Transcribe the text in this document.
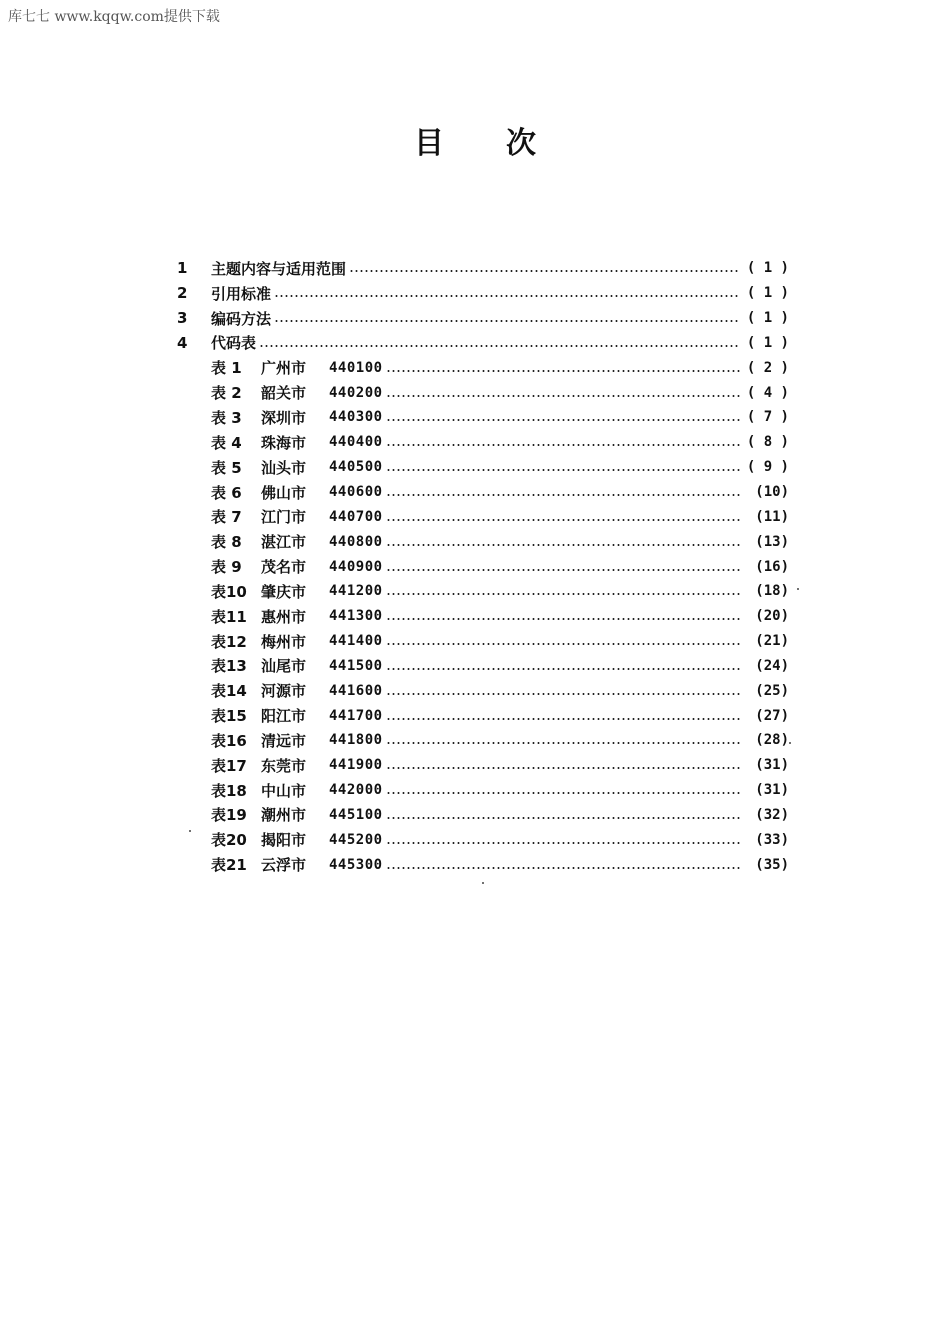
库七七 www.kqqw.com提供下载
目 次
1	主题内容与适用范围	( 1 )
2	引用标准	( 1 )
3	编码方法	( 1 )
4	代码表	( 1 )
表 1	广州市	440100	( 2 )
表 2	韶关市	440200	( 4 )
表 3	深圳市	440300	( 7 )
表 4	珠海市	440400	( 8 )
表 5	汕头市	440500	( 9 )
表 6	佛山市	440600	(10)
表 7	江门市	440700	(11)
表 8	湛江市	440800	(13)
表 9	茂名市	440900	(16)
表10 肇庆市	441200	(18)
表11 惠州市	441300	(20)
表12 梅州市	441400	(21)
表13 汕尾市	441500	(24)
表14 河源市	441600	(25)
表15 阳江市	441700	(27)
表16 清远市	441800	(28)
表17 东莞市	441900	(31)
表18 中山市	442000	(31)
表19 潮州市	445100	(32)
表20 揭阳市	445200	(33)
表21 云浮市	445300	(35)
